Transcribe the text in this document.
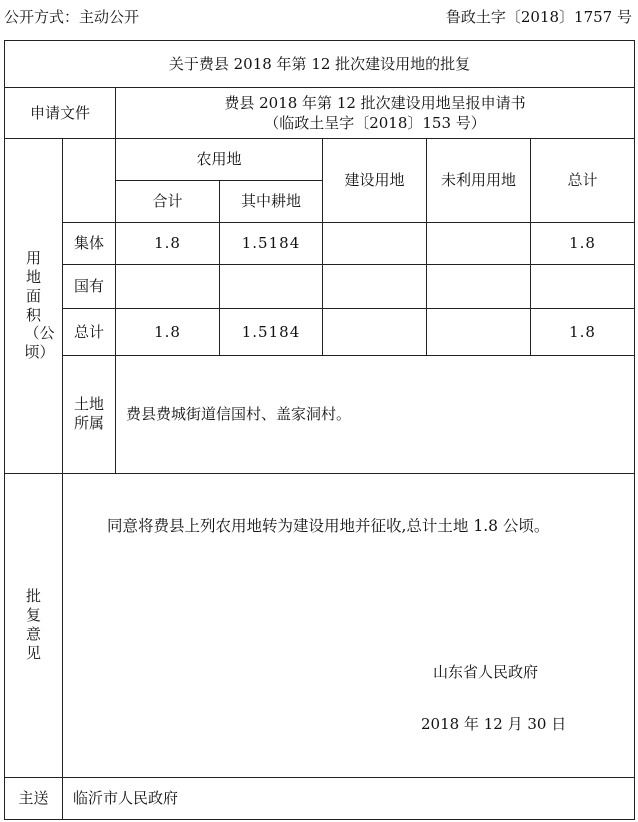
公开方式：主动公开	鲁政土字〔2018〕1757 号
关于费县 2018 年第 12 批次建设用地的批复						
申请文件		费县 2018 年第 12 批次建设用地呈报申请书
（临政土呈字〔2018〕153 号）				

用地面积（公顷）		农用地		建设用地	未利用用地	总计
		合计	其中耕地			
	集体	1.8	1.5184			1.8
	国有					
	总计	1.8	1.5184			1.8
	土地所属	费县费城街道信国村、盖家洞村。				
批复意见	同意将费县上列农用地转为建设用地并征收,总计土地 1.8 公顷。
山东省人民政府
2018 年 12 月 30 日					

主送	临沂市人民政府					
